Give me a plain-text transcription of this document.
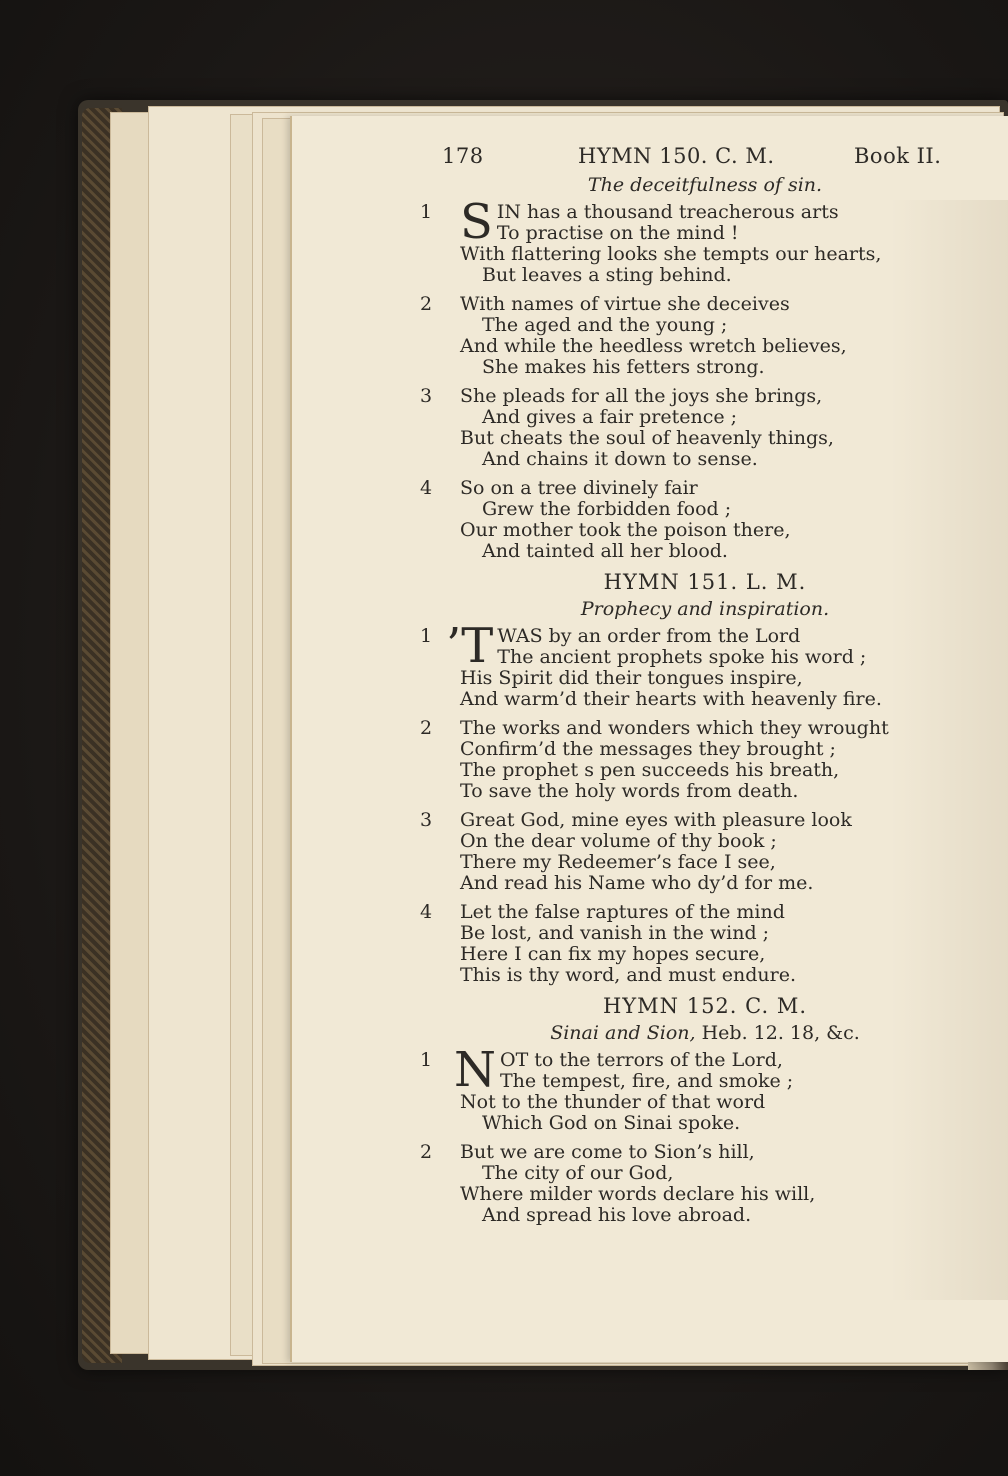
178	HYMN 150. C. M.	Book II.
The deceitfulness of sin.
1 S IN has a thousand treacherous arts
To practise on the mind !
With flattering looks she tempts our hearts,
But leaves a sting behind.
2	With names of virtue she deceives
The aged and the young ;
And while the heedless wretch believes,
She makes his fetters strong.
3	She pleads for all the joys she brings,
And gives a fair pretence ;
But cheats the soul of heavenly things,
And chains it down to sense.
4	So on a tree divinely fair
Grew the forbidden food ;
Our mother took the poison there,
And tainted all her blood.
HYMN 151. L. M.
Prophecy and inspiration.
1 ’T WAS by an order from the Lord
The ancient prophets spoke his word ;
His Spirit did their tongues inspire,
And warm’d their hearts with heavenly fire.
2	The works and wonders which they wrought
Confirm’d the messages they brought ;
The prophet s pen succeeds his breath,
To save the holy words from death.
3	Great God, mine eyes with pleasure look
On the dear volume of thy book ;
There my Redeemer’s face I see,
And read his Name who dy’d for me.
4	Let the false raptures of the mind
Be lost, and vanish in the wind ;
Here I can fix my hopes secure,
This is thy word, and must endure.
HYMN 152. C. M.
Sinai and Sion, Heb. 12. 18, &c.
1 N OT to the terrors of the Lord,
The tempest, fire, and smoke ;
Not to the thunder of that word
Which God on Sinai spoke.
2	But we are come to Sion’s hill,
The city of our God,
Where milder words declare his will,
And spread his love abroad.
